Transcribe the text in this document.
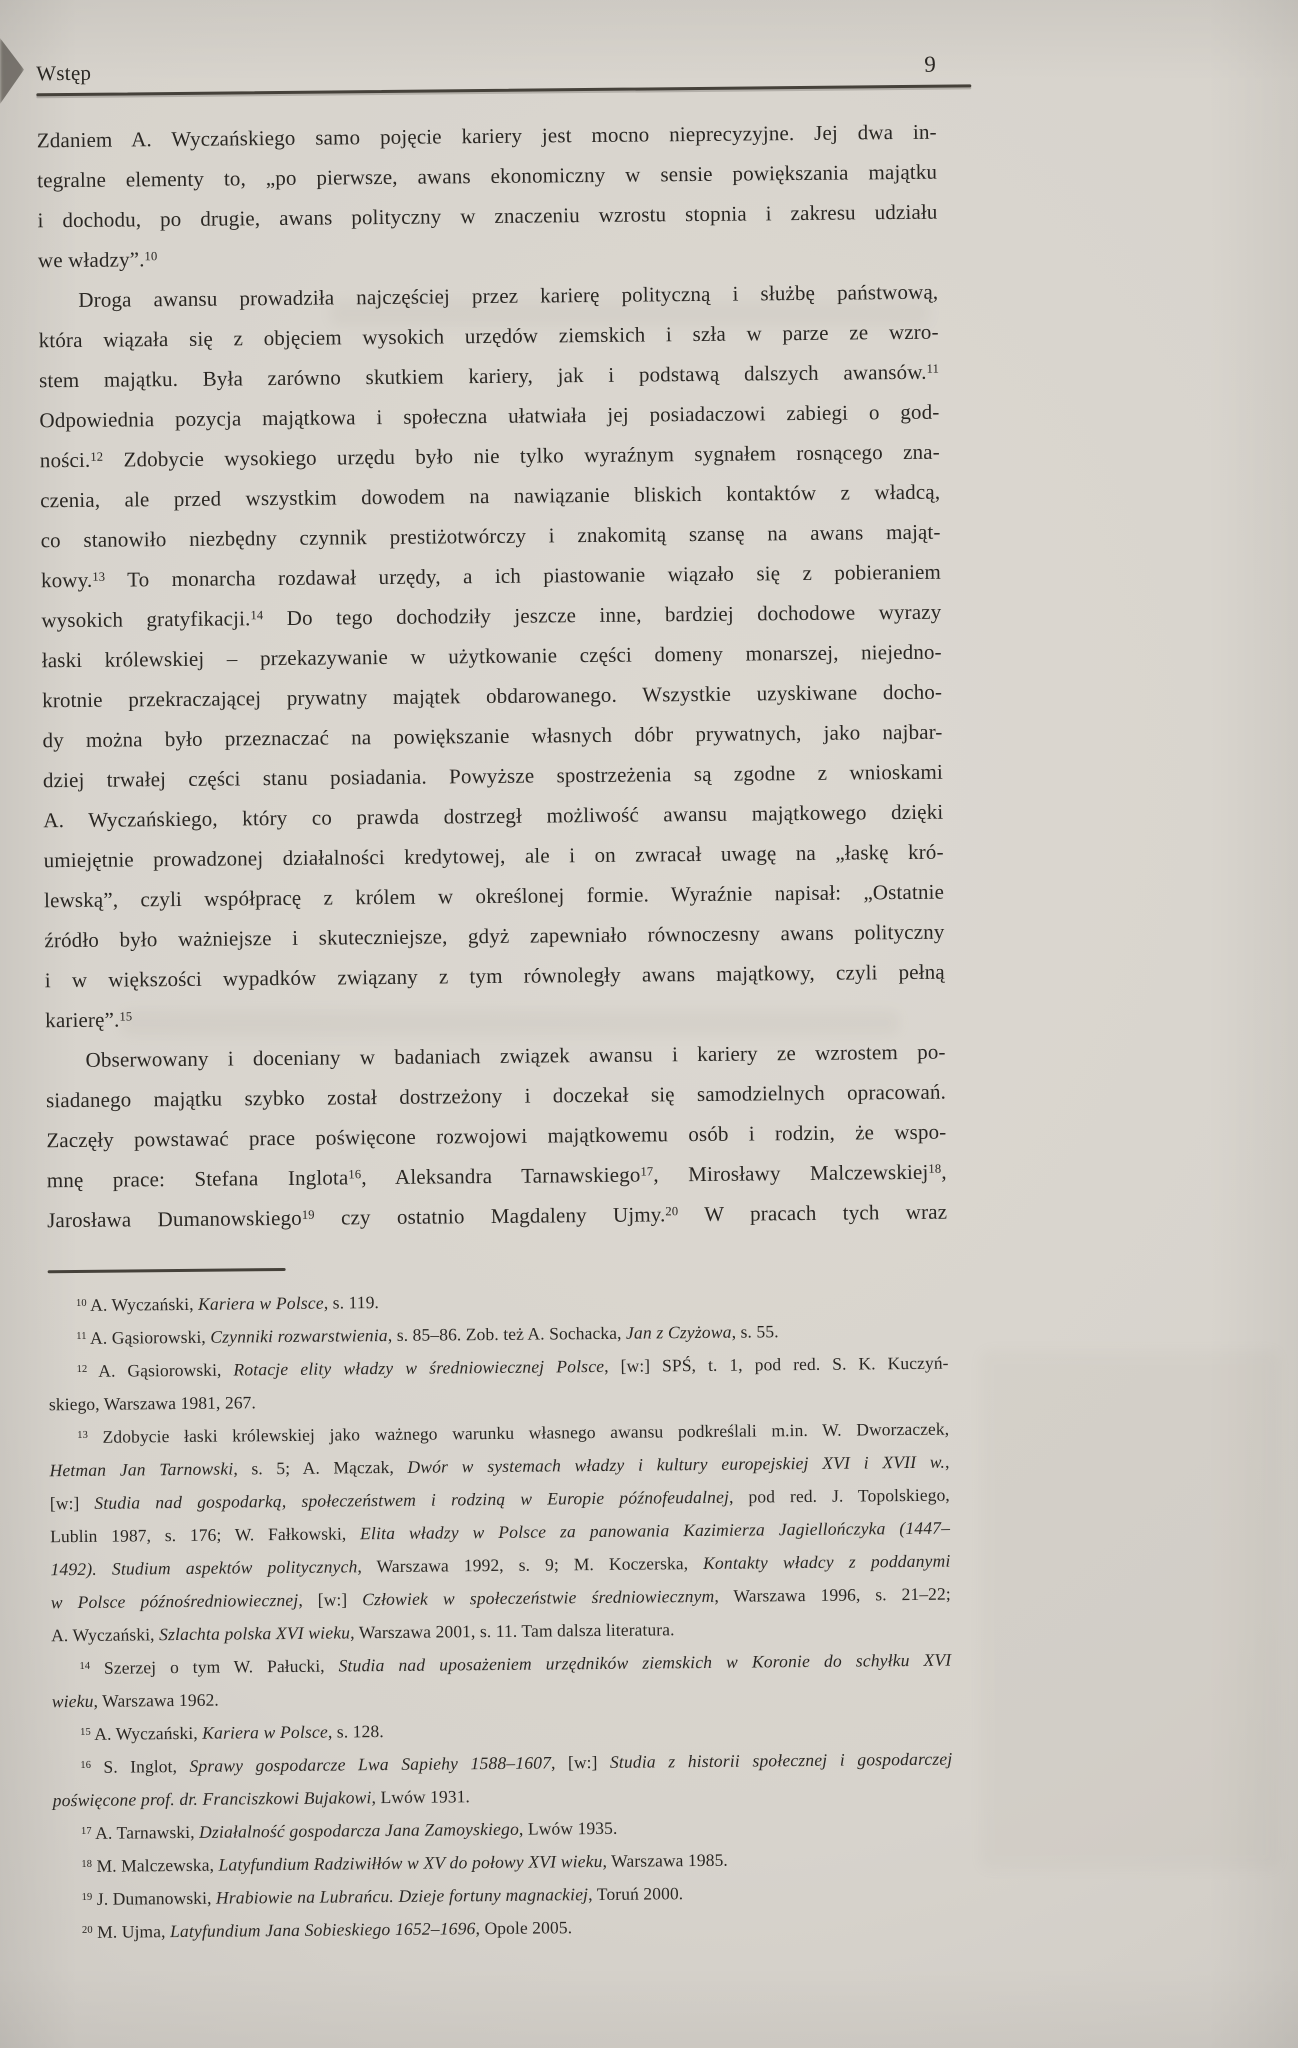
Wstęp	9
Zdaniem A. Wyczańskiego samo pojęcie kariery jest mocno nieprecyzyjne. Jej dwa in-
tegralne elementy to, „po pierwsze, awans ekonomiczny w sensie powiększania majątku
i dochodu, po drugie, awans polityczny w znaczeniu wzrostu stopnia i zakresu udziału
we władzy”.$^{10}$
Droga awansu prowadziła najczęściej przez karierę polityczną i służbę państwową,
która wiązała się z objęciem wysokich urzędów ziemskich i szła w parze ze wzro-
stem majątku. Była zarówno skutkiem kariery, jak i podstawą dalszych awansów.$^{11}$
Odpowiednia pozycja majątkowa i społeczna ułatwiała jej posiadaczowi zabiegi o god-
ności.$^{12}$ Zdobycie wysokiego urzędu było nie tylko wyraźnym sygnałem rosnącego zna-
czenia, ale przed wszystkim dowodem na nawiązanie bliskich kontaktów z władcą,
co stanowiło niezbędny czynnik prestiżotwórczy i znakomitą szansę na awans mająt-
kowy.$^{13}$ To monarcha rozdawał urzędy, a ich piastowanie wiązało się z pobieraniem
wysokich gratyfikacji.$^{14}$ Do tego dochodziły jeszcze inne, bardziej dochodowe wyrazy
łaski królewskiej – przekazywanie w użytkowanie części domeny monarszej, niejedno-
krotnie przekraczającej prywatny majątek obdarowanego. Wszystkie uzyskiwane docho-
dy można było przeznaczać na powiększanie własnych dóbr prywatnych, jako najbar-
dziej trwałej części stanu posiadania. Powyższe spostrzeżenia są zgodne z wnioskami
A. Wyczańskiego, który co prawda dostrzegł możliwość awansu majątkowego dzięki
umiejętnie prowadzonej działalności kredytowej, ale i on zwracał uwagę na „łaskę kró-
lewską”, czyli współpracę z królem w określonej formie. Wyraźnie napisał: „Ostatnie
źródło było ważniejsze i skuteczniejsze, gdyż zapewniało równoczesny awans polityczny
i w większości wypadków związany z tym równoległy awans majątkowy, czyli pełną
karierę”.$^{15}$
Obserwowany i doceniany w badaniach związek awansu i kariery ze wzrostem po-
siadanego majątku szybko został dostrzeżony i doczekał się samodzielnych opracowań.
Zaczęły powstawać prace poświęcone rozwojowi majątkowemu osób i rodzin, że wspo-
mnę prace: Stefana Inglota$^{16}$, Aleksandra Tarnawskiego$^{17}$, Mirosławy Malczewskiej$^{18}$,
Jarosława Dumanowskiego$^{19}$ czy ostatnio Magdaleny Ujmy.$^{20}$ W pracach tych wraz
$^{10}$ A. Wyczański, Kariera w Polsce, s. 119.
$^{11}$ A. Gąsiorowski, Czynniki rozwarstwienia, s. 85–86. Zob. też A. Sochacka, Jan z Czyżowa, s. 55.
$^{12}$ A. Gąsiorowski, Rotacje elity władzy w średniowiecznej Polsce, [w:] SPŚ, t. 1, pod red. S. K. Kuczyń-
skiego, Warszawa 1981, 267.
$^{13}$ Zdobycie łaski królewskiej jako ważnego warunku własnego awansu podkreślali m.in. W. Dworzaczek,
Hetman Jan Tarnowski, s. 5; A. Mączak, Dwór w systemach władzy i kultury europejskiej XVI i XVII w.,
[w:] Studia nad gospodarką, społeczeństwem i rodziną w Europie późnofeudalnej, pod red. J. Topolskiego,
Lublin 1987, s. 176; W. Fałkowski, Elita władzy w Polsce za panowania Kazimierza Jagiellończyka (1447–
1492). Studium aspektów politycznych, Warszawa 1992, s. 9; M. Koczerska, Kontakty władcy z poddanymi
w Polsce późnośredniowiecznej, [w:] Człowiek w społeczeństwie średniowiecznym, Warszawa 1996, s. 21–22;
A. Wyczański, Szlachta polska XVI wieku, Warszawa 2001, s. 11. Tam dalsza literatura.
$^{14}$ Szerzej o tym W. Pałucki, Studia nad uposażeniem urzędników ziemskich w Koronie do schyłku XVI
wieku, Warszawa 1962.
$^{15}$ A. Wyczański, Kariera w Polsce, s. 128.
$^{16}$ S. Inglot, Sprawy gospodarcze Lwa Sapiehy 1588–1607, [w:] Studia z historii społecznej i gospodarczej
poświęcone prof. dr. Franciszkowi Bujakowi, Lwów 1931.
$^{17}$ A. Tarnawski, Działalność gospodarcza Jana Zamoyskiego, Lwów 1935.
$^{18}$ M. Malczewska, Latyfundium Radziwiłłów w XV do połowy XVI wieku, Warszawa 1985.
$^{19}$ J. Dumanowski, Hrabiowie na Lubrańcu. Dzieje fortuny magnackiej, Toruń 2000.
$^{20}$ M. Ujma, Latyfundium Jana Sobieskiego 1652–1696, Opole 2005.
